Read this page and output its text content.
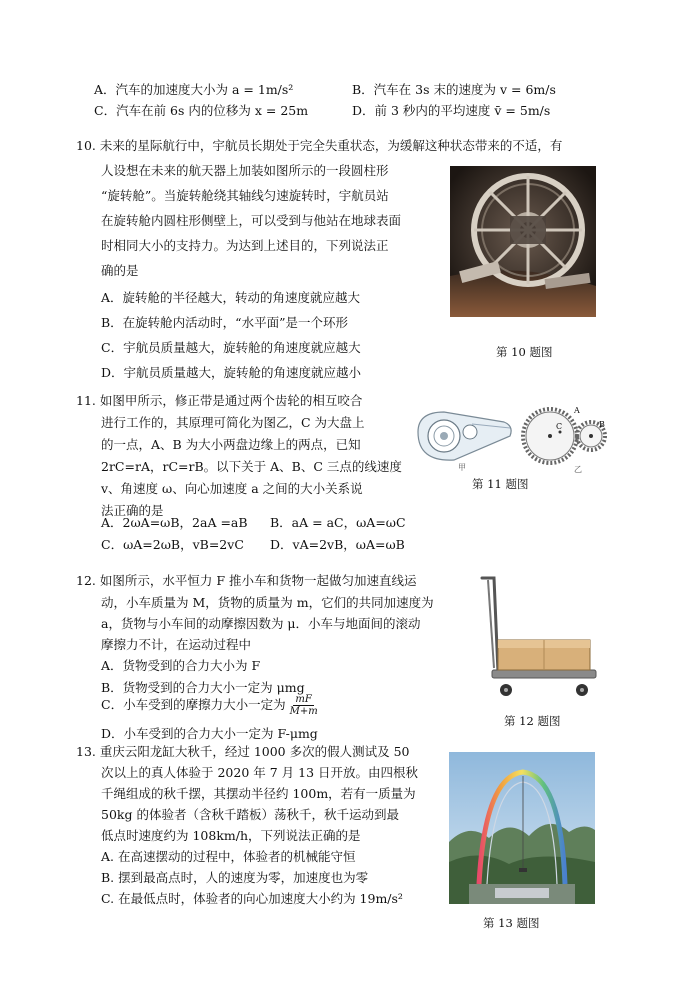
A．汽车的加速度大小为 a = 1m/s²	B．汽车在 3s 末的速度为 v = 6m/s
C．汽车在前 6s 内的位移为 x = 25m	D．前 3 秒内的平均速度 v̄ = 5m/s
10. 未来的星际航行中，宇航员长期处于完全失重状态，为缓解这种状态带来的不适，有
人设想在未来的航天器上加装如图所示的一段圆柱形
“旋转舱”。当旋转舱绕其轴线匀速旋转时，宇航员站
在旋转舱内圆柱形侧壁上，可以受到与他站在地球表面
时相同大小的支持力。为达到上述目的，下列说法正
确的是
A．旋转舱的半径越大，转动的角速度就应越大
B．在旋转舱内活动时，“水平面”是一个环形
C．宇航员质量越大，旋转舱的角速度就应越大
D．宇航员质量越大，旋转舱的角速度就应越小
第 10 题图
11. 如图甲所示，修正带是通过两个齿轮的相互咬合
进行工作的，其原理可简化为图乙，C 为大盘上
的一点，A、B 为大小两盘边缘上的两点，已知
2rC=rA，rC=rB。以下关于 A、B、C 三点的线速度
v、角速度 ω、向心加速度 a 之间的大小关系说
法正确的是
A．2ωA=ωB，2aA =aB B．aA = aC，ωA=ωC
C．ωA=2ωB，vB=2vC D．vA=2vB，ωA=ωB
C
A
B
甲	乙
第 11 题图
12. 如图所示，水平恒力 F 推小车和货物一起做匀加速直线运
动，小车质量为 M，货物的质量为 m，它们的共同加速度为
a，货物与小车间的动摩擦因数为 μ．小车与地面间的滚动
摩擦力不计，在运动过程中
A．货物受到的合力大小为 F
B．货物受到的合力大小一定为 μmg
C．小车受到的摩擦力大小一定为 $\frac{mF}{M+m}$
D．小车受到的合力大小一定为 F-μmg
第 12 题图
13. 重庆云阳龙缸大秋千，经过 1000 多次的假人测试及 50
次以上的真人体验于 2020 年 7 月 13 日开放。由四根秋
千绳组成的秋千摆，其摆动半径约 100m，若有一质量为
50kg 的体验者（含秋千踏板）荡秋千，秋千运动到最
低点时速度约为 108km/h，下列说法正确的是
A. 在高速摆动的过程中，体验者的机械能守恒
B. 摆到最高点时，人的速度为零，加速度也为零
C. 在最低点时，体验者的向心加速度大小约为 19m/s²
第 13 题图
